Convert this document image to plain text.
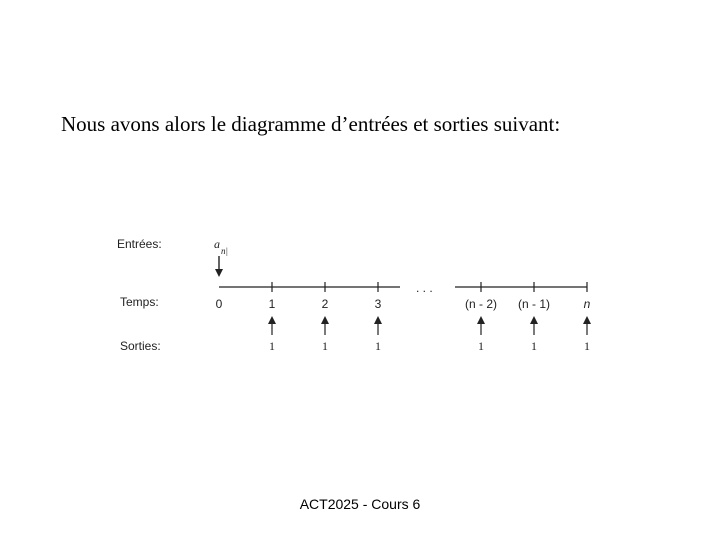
Nous avons alors le diagramme d’entrées et sorties suivant:
Entrées:
Temps:
Sorties:
a n|
. . .
0	1	2	3	(n - 2) (n - 1)	n
1	1	1	1	1	1
ACT2025 - Cours 6
